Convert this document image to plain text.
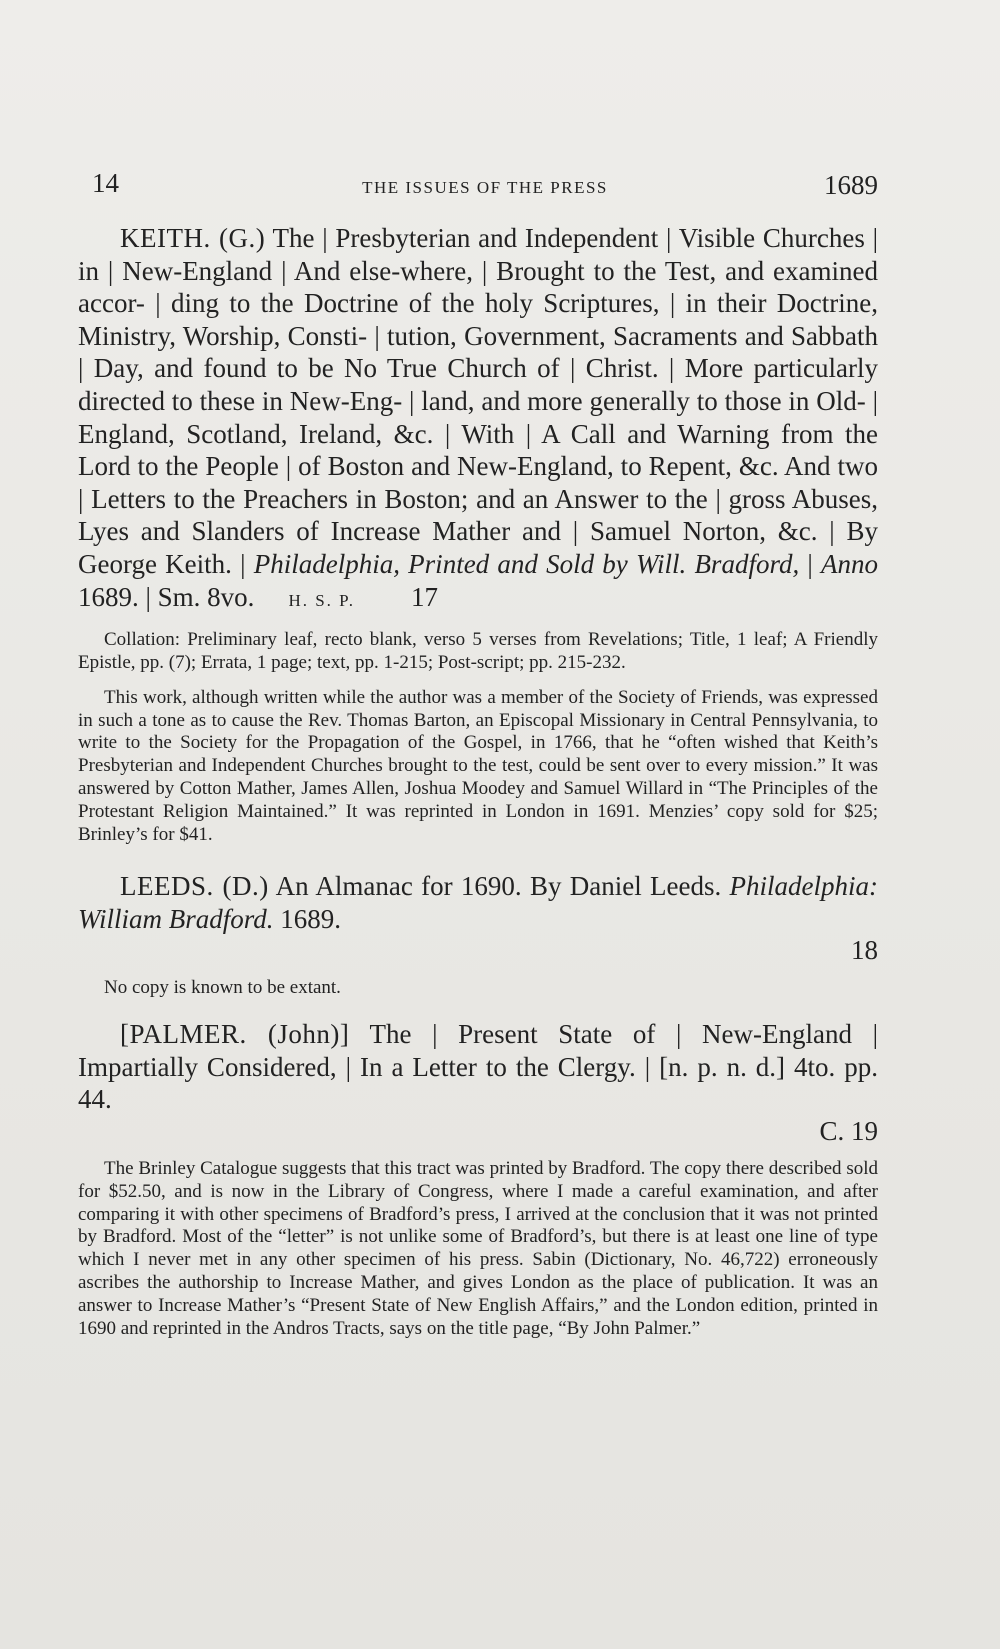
14	THE ISSUES OF THE PRESS	1689

KEITH. (G.) The | Presbyterian and Independent | Visible Churches | in | New-England | And else-where, | Brought to the Test, and examined accor- | ding to the Doctrine of the holy Scriptures, | in their Doctrine, Ministry, Worship, Consti- | tution, Government, Sacraments and Sabbath | Day, and found to be No True Church of | Christ. | More particularly directed to these in New-Eng- | land, and more generally to those in Old- | England, Scotland, Ireland, &c. | With | A Call and Warning from the Lord to the People | of Boston and New-England, to Repent, &c. And two | Letters to the Preachers in Boston; and an Answer to the | gross Abuses, Lyes and Slanders of Increase Mather and | Samuel Norton, &c. | By George Keith. | Philadelphia, Printed and Sold by Will. Bradford, | Anno 1689. | Sm. 8vo. H. S. P. 17

Collation: Preliminary leaf, recto blank, verso 5 verses from Revelations; Title, 1 leaf; A Friendly Epistle, pp. (7); Errata, 1 page; text, pp. 1-215; Post-script; pp. 215-232.

This work, although written while the author was a member of the Society of Friends, was expressed in such a tone as to cause the Rev. Thomas Barton, an Episcopal Missionary in Central Pennsylvania, to write to the Society for the Propagation of the Gospel, in 1766, that he “often wished that Keith’s Presbyterian and Independent Churches brought to the test, could be sent over to every mission.” It was answered by Cotton Mather, James Allen, Joshua Moodey and Samuel Willard in “The Principles of the Protestant Religion Maintained.” It was reprinted in London in 1691. Menzies’ copy sold for $25; Brinley’s for $41.

LEEDS. (D.) An Almanac for 1690. By Daniel Leeds. Philadelphia: William Bradford. 1689.

18

No copy is known to be extant.

[PALMER. (John)] The | Present State of | New-England | Impartially Considered, | In a Letter to the Clergy. | [n. p. n. d.] 4to. pp. 44.

C. 19

The Brinley Catalogue suggests that this tract was printed by Bradford. The copy there described sold for $52.50, and is now in the Library of Congress, where I made a careful examination, and after comparing it with other specimens of Bradford’s press, I arrived at the conclusion that it was not printed by Bradford. Most of the “letter” is not unlike some of Bradford’s, but there is at least one line of type which I never met in any other specimen of his press. Sabin (Dictionary, No. 46,722) erroneously ascribes the authorship to Increase Mather, and gives London as the place of publication. It was an answer to Increase Mather’s “Present State of New English Affairs,” and the London edition, printed in 1690 and reprinted in the Andros Tracts, says on the title page, “By John Palmer.”
